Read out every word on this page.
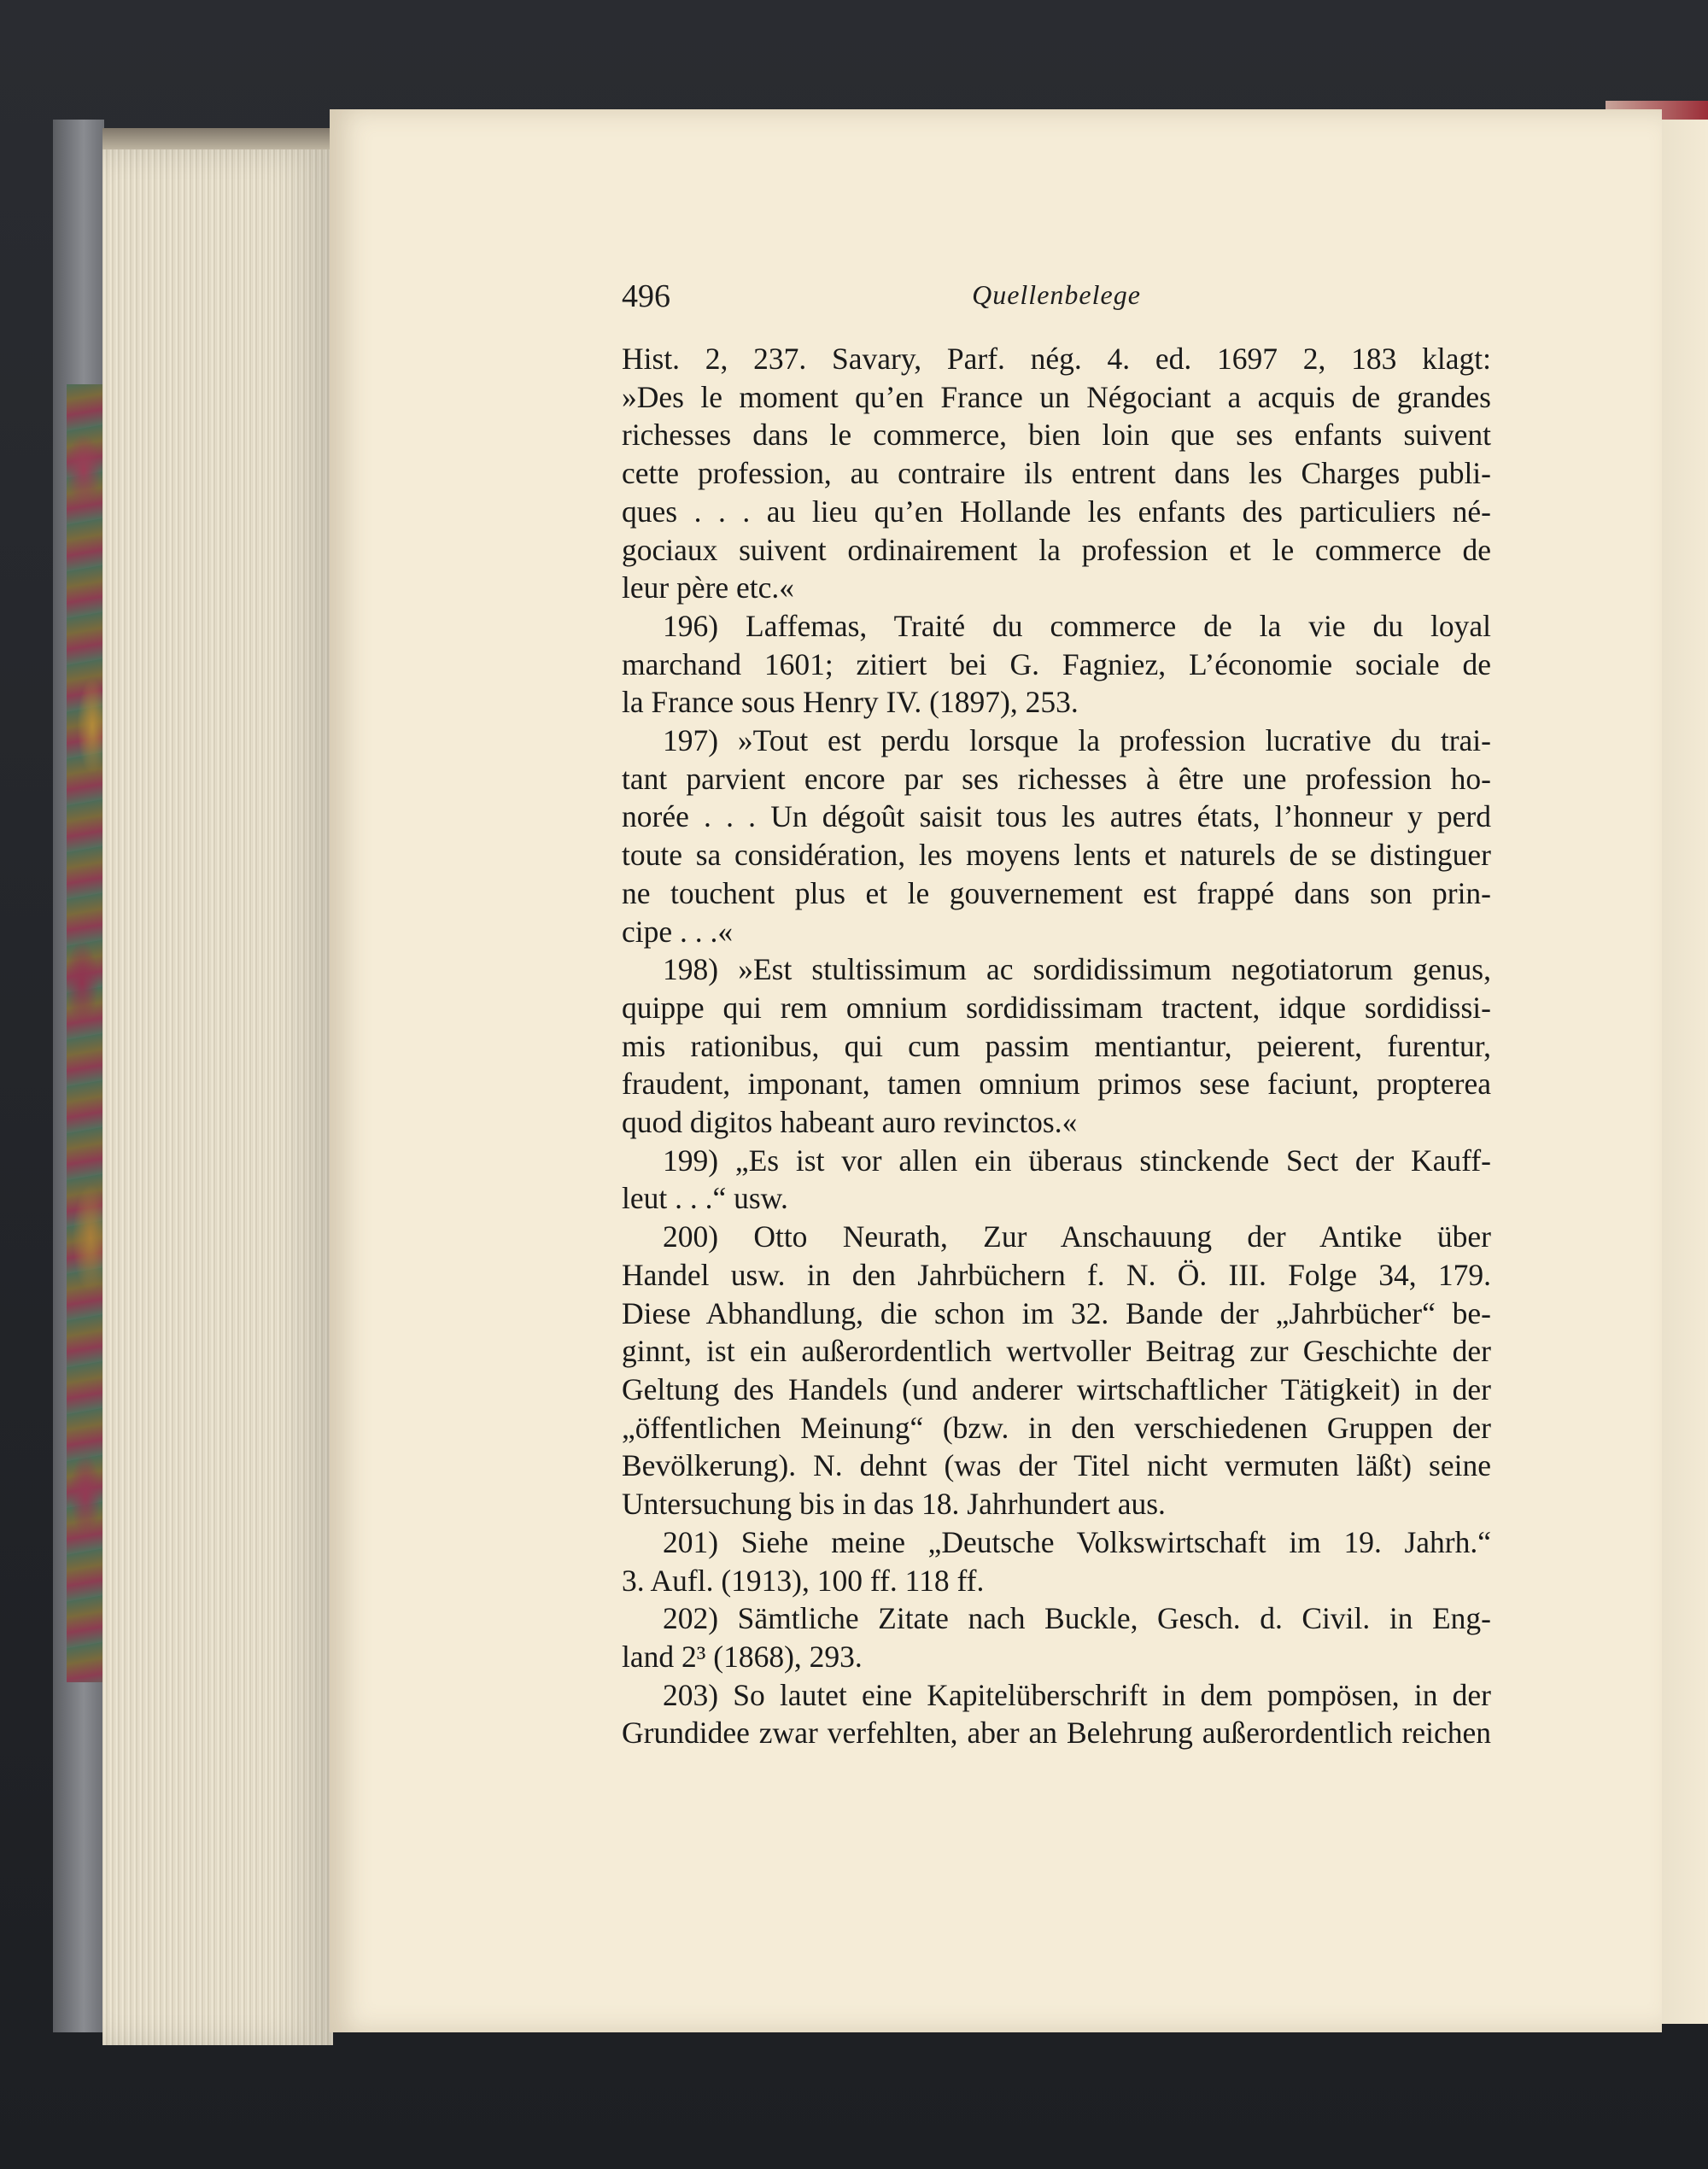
496	Quellenbelege

Hist. 2, 237. Savary, Parf. nég. 4. ed. 1697 2, 183 klagt:

»Des le moment qu’en France un Négociant a acquis de grandes

richesses dans le commerce, bien loin que ses enfants suivent

cette profession, au contraire ils entrent dans les Charges publi-

ques . . . au lieu qu’en Hollande les enfants des particuliers né-

gociaux suivent ordinairement la profession et le commerce de

leur père etc.«

196) Laffemas, Traité du commerce de la vie du loyal

marchand 1601; zitiert bei G. Fagniez, L’économie sociale de

la France sous Henry IV. (1897), 253.

197) »Tout est perdu lorsque la profession lucrative du trai-

tant parvient encore par ses richesses à être une profession ho-

norée . . . Un dégoût saisit tous les autres états, l’honneur y perd

toute sa considération, les moyens lents et naturels de se distinguer

ne touchent plus et le gouvernement est frappé dans son prin-

cipe . . .«

198) »Est stultissimum ac sordidissimum negotiatorum genus,

quippe qui rem omnium sordidissimam tractent, idque sordidissi-

mis rationibus, qui cum passim mentiantur, peierent, furentur,

fraudent, imponant, tamen omnium primos sese faciunt, propterea

quod digitos habeant auro revinctos.«

199) „Es ist vor allen ein überaus stinckende Sect der Kauff-

leut . . .“ usw.

200) Otto Neurath, Zur Anschauung der Antike über

Handel usw. in den Jahrbüchern f. N. Ö. III. Folge 34, 179.

Diese Abhandlung, die schon im 32. Bande der „Jahrbücher“ be-

ginnt, ist ein außerordentlich wertvoller Beitrag zur Geschichte der

Geltung des Handels (und anderer wirtschaftlicher Tätigkeit) in der

„öffentlichen Meinung“ (bzw. in den verschiedenen Gruppen der

Bevölkerung). N. dehnt (was der Titel nicht vermuten läßt) seine

Untersuchung bis in das 18. Jahrhundert aus.

201) Siehe meine „Deutsche Volkswirtschaft im 19. Jahrh.“

3. Aufl. (1913), 100 ff. 118 ff.

202) Sämtliche Zitate nach Buckle, Gesch. d. Civil. in Eng-

land 2³ (1868), 293.

203) So lautet eine Kapitelüberschrift in dem pompösen, in der

Grundidee zwar verfehlten, aber an Belehrung außerordentlich reichen
